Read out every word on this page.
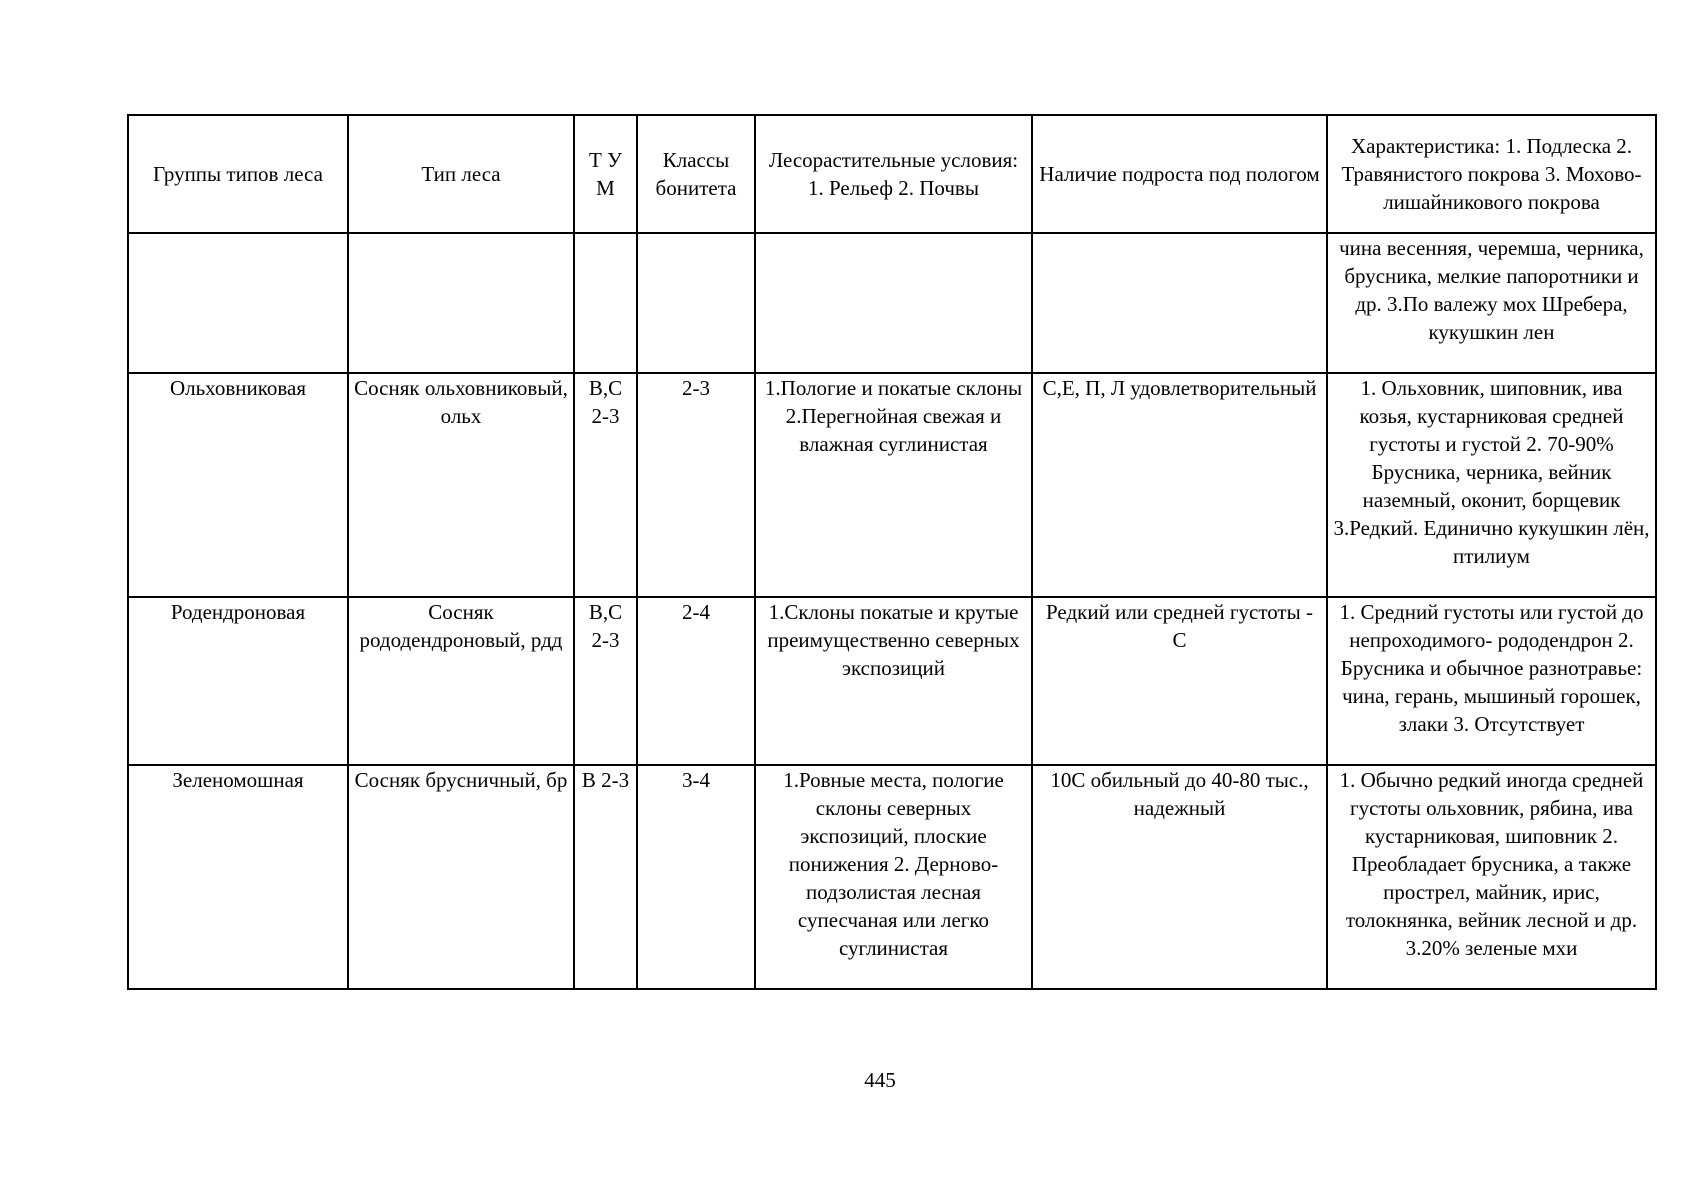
Группы типов леса	Тип леса	Т У М	Классы бонитета	Лесорастительные условия: 1. Рельеф 2. Почвы	Наличие подроста под пологом	Характеристика: 1. Подлеска 2. Травянистого покрова 3. Мохово-лишайникового покрова
						чина весенняя, черемша, черника, брусника, мелкие папоротники и др. 3.По валежу мох Шребера, кукушкин лен
Ольховниковая	Сосняк ольховниковый, ольх	В,С 2-3	2-3	1.Пологие и покатые склоны 2.Перегнойная свежая и влажная суглинистая	С,Е, П, Л удовлетворительный	1. Ольховник, шиповник, ива козья, кустарниковая средней густоты и густой 2. 70-90% Брусника, черника, вейник наземный, оконит, борщевик 3.Редкий. Единично кукушкин лён, птилиум
Родендроновая	Сосняк рододендроновый, рдд	В,С 2-3	2-4	1.Склоны покатые и крутые преимущественно северных экспозиций	Редкий или средней густоты - С	1. Средний густоты или густой до непроходимого- рододендрон 2. Брусника и обычное разнотравье: чина, герань, мышиный горошек, злаки 3. Отсутствует
Зеленомошная	Сосняк брусничный, бр	В 2-3	3-4	1.Ровные места, пологие склоны северных экспозиций, плоские понижения 2. Дерново- подзолистая лесная супесчаная или легко суглинистая	10С обильный до 40-80 тыс., надежный	1. Обычно редкий иногда средней густоты ольховник, рябина, ива кустарниковая, шиповник 2. Преобладает брусника, а также прострел, майник, ирис, толокнянка, вейник лесной и др. 3.20% зеленые мхи
445
